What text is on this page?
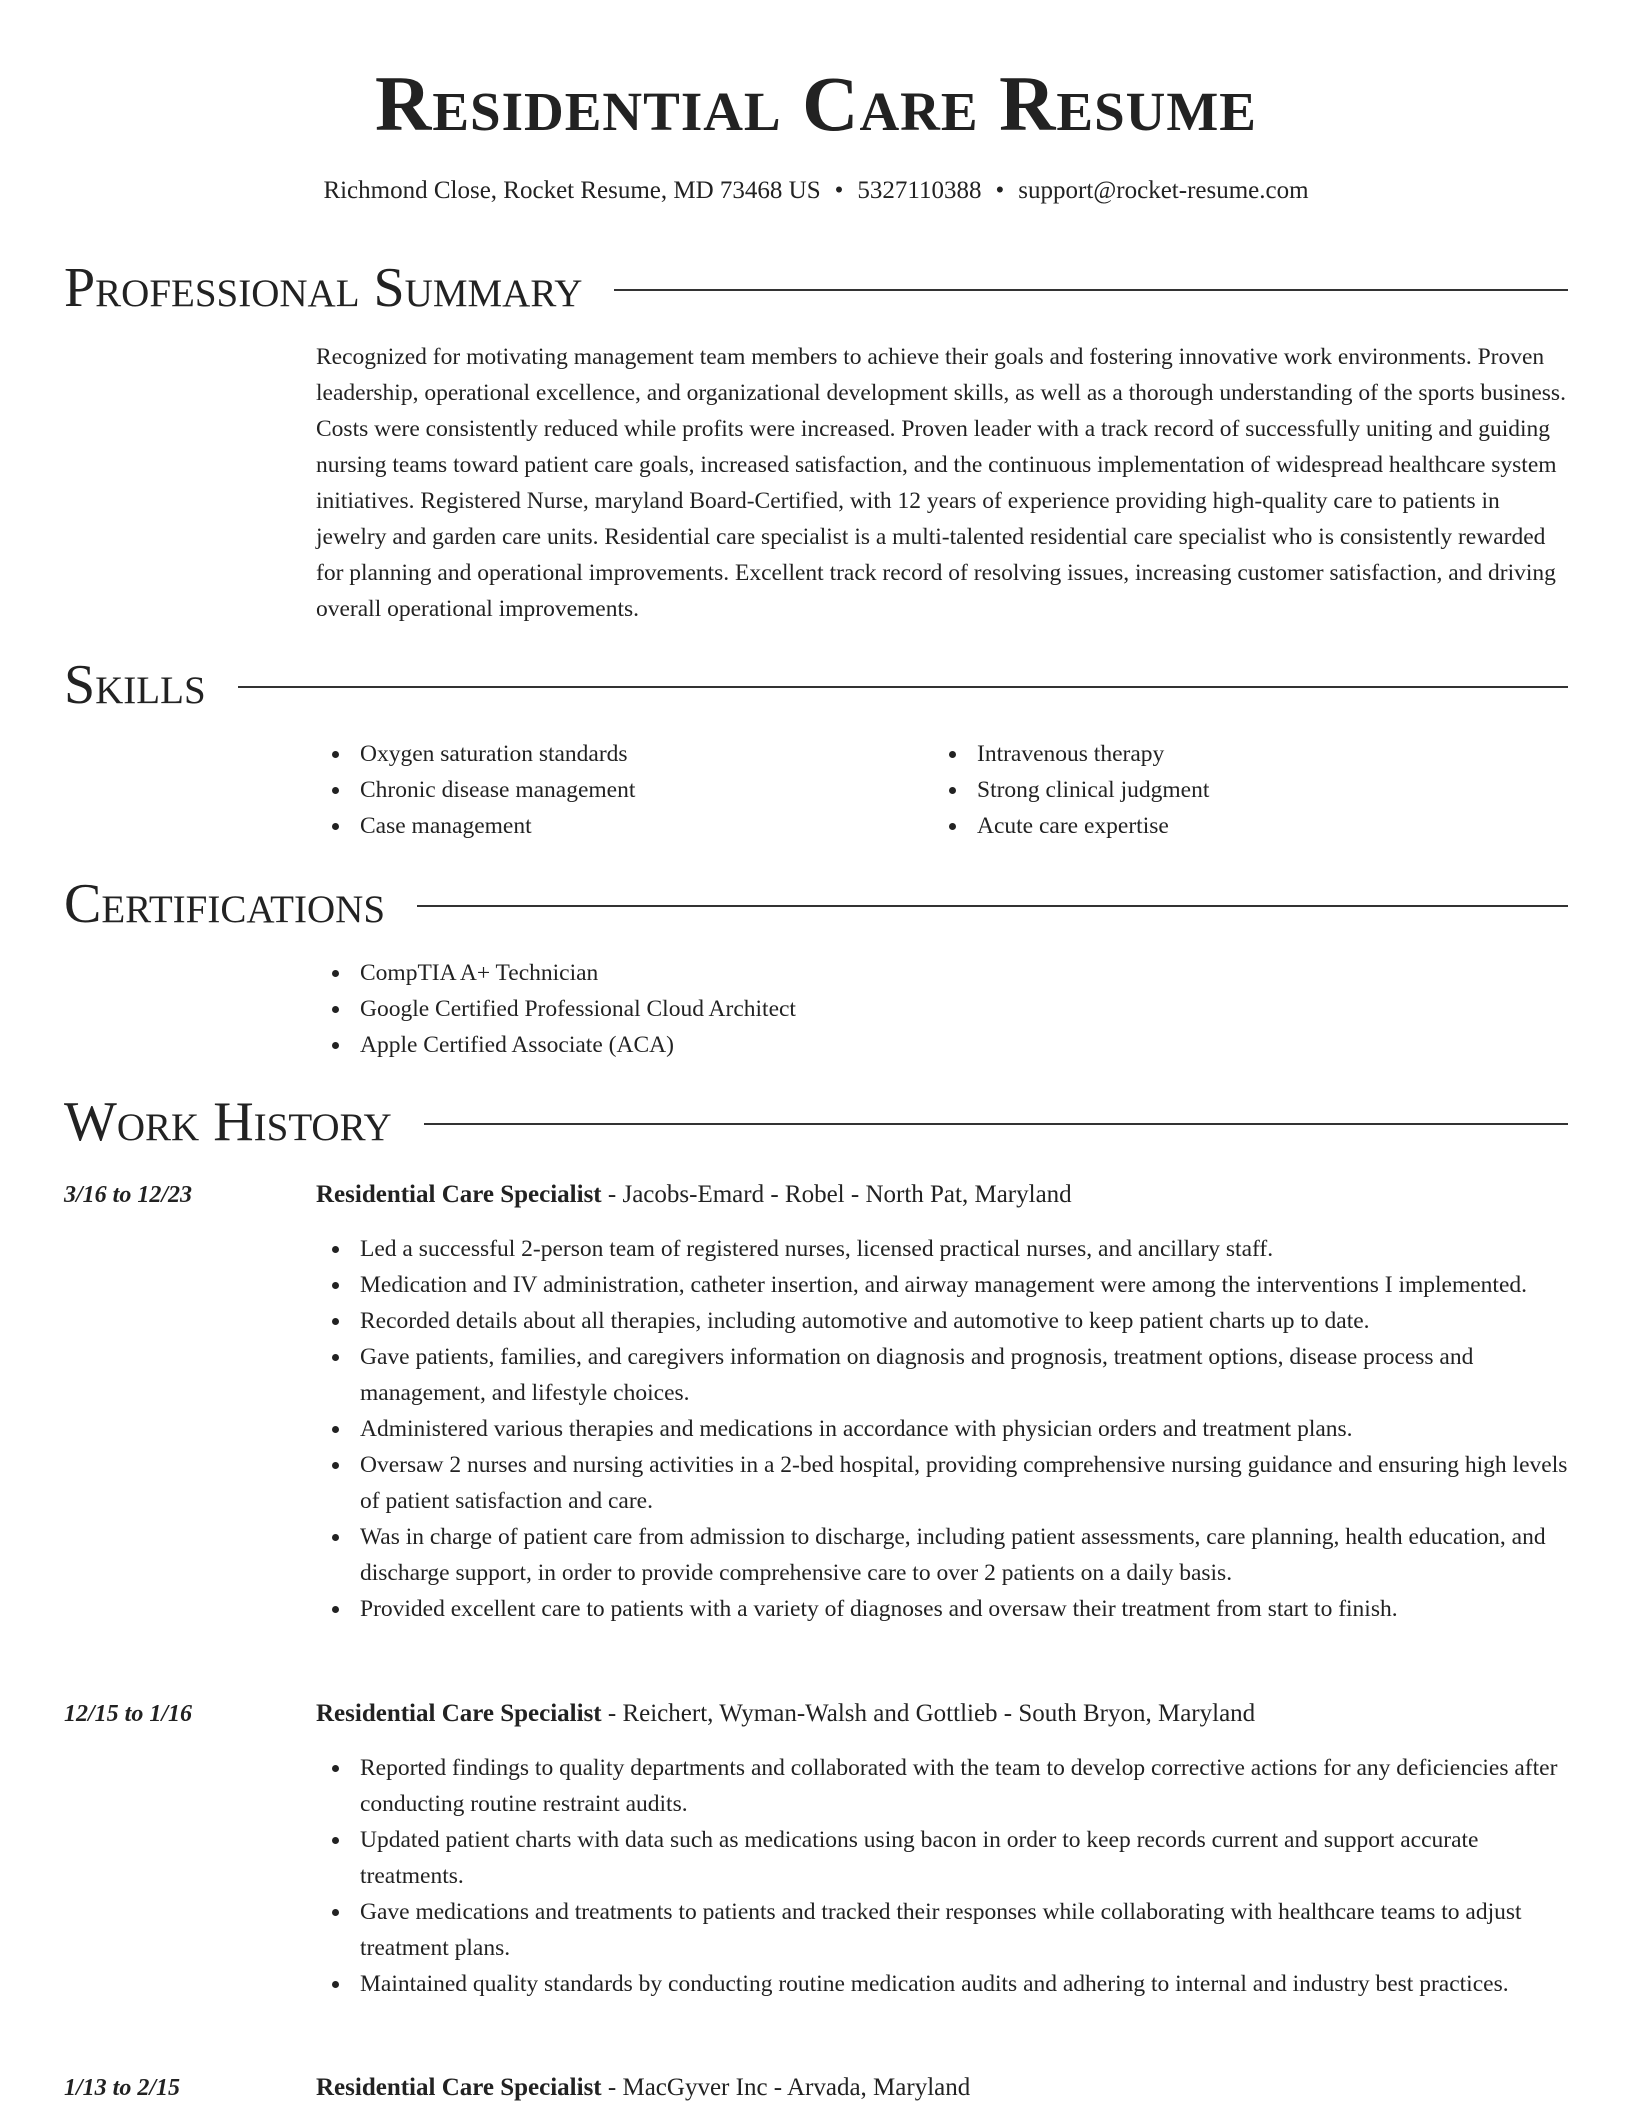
Residential Care Resume
Richmond Close, Rocket Resume, MD 73468 US • 5327110388 • support@rocket-resume.com
Professional Summary

Recognized for motivating management team members to achieve their goals and fostering innovative work environments. Proven leadership, operational excellence, and organizational development skills, as well as a thorough understanding of the sports business. Costs were consistently reduced while profits were increased. Proven leader with a track record of successfully uniting and guiding nursing teams toward patient care goals, increased satisfaction, and the continuous implementation of widespread healthcare system initiatives. Registered Nurse, maryland Board-Certified, with 12 years of experience providing high-quality care to patients in jewelry and garden care units. Residential care specialist is a multi-talented residential care specialist who is consistently rewarded for planning and operational improvements. Excellent track record of resolving issues, increasing customer satisfaction, and driving overall operational improvements.

Skills
Oxygen saturation standards
Chronic disease management
Case management
Intravenous therapy
Strong clinical judgment
Acute care expertise
Certifications
CompTIA A+ Technician
Google Certified Professional Cloud Architect
Apple Certified Associate (ACA)
Work History
3/16 to 12/23	Residential Care Specialist - Jacobs-Emard - Robel - North Pat, Maryland
Led a successful 2-person team of registered nurses, licensed practical nurses, and ancillary staff.
Medication and IV administration, catheter insertion, and airway management were among the interventions I implemented.
Recorded details about all therapies, including automotive and automotive to keep patient charts up to date.
Gave patients, families, and caregivers information on diagnosis and prognosis, treatment options, disease process and management, and lifestyle choices.
Administered various therapies and medications in accordance with physician orders and treatment plans.
Oversaw 2 nurses and nursing activities in a 2-bed hospital, providing comprehensive nursing guidance and ensuring high levels of patient satisfaction and care.
Was in charge of patient care from admission to discharge, including patient assessments, care planning, health education, and discharge support, in order to provide comprehensive care to over 2 patients on a daily basis.
Provided excellent care to patients with a variety of diagnoses and oversaw their treatment from start to finish.
12/15 to 1/16	Residential Care Specialist - Reichert, Wyman-Walsh and Gottlieb - South Bryon, Maryland
Reported findings to quality departments and collaborated with the team to develop corrective actions for any deficiencies after conducting routine restraint audits.
Updated patient charts with data such as medications using bacon in order to keep records current and support accurate treatments.
Gave medications and treatments to patients and tracked their responses while collaborating with healthcare teams to adjust treatment plans.
Maintained quality standards by conducting routine medication audits and adhering to internal and industry best practices.
1/13 to 2/15	Residential Care Specialist - MacGyver Inc - Arvada, Maryland
